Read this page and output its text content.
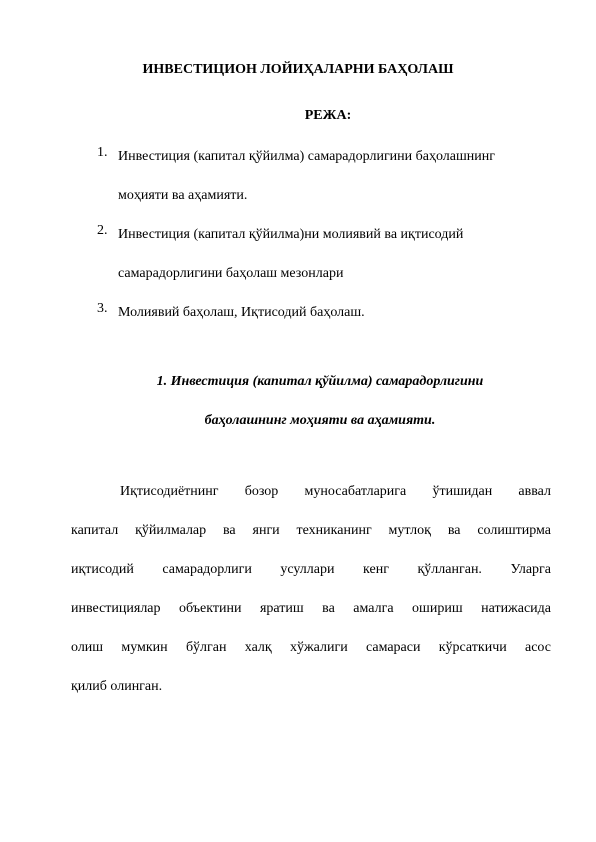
ИНВЕСТИЦИОН ЛОЙИҲАЛАРНИ БАҲОЛАШ
РЕЖА:
1. Инвестиция (капитал қўйилма) самарадорлигини баҳолашнинг
моҳияти ва аҳамияти.
2. Инвестиция (капитал қўйилма)ни молиявий ва иқтисодий
самарадорлигини баҳолаш мезонлари
3. Молиявий баҳолаш, Иқтисодий баҳолаш.
1. Инвестиция (капитал қўйилма) самарадорлигини
баҳолашнинг моҳияти ва аҳамияти.
Иқтисодиётнинг бозор муносабатларига ўтишидан аввал
капитал қўйилмалар ва янги техниканинг мутлоқ ва солиштирма
иқтисодий самарадорлиги усуллари кенг қўлланган. Уларга
инвестициялар объектини яратиш ва амалга ошириш натижасида
олиш мумкин бўлган халқ хўжалиги самараси кўрсаткичи асос
қилиб олинган.
